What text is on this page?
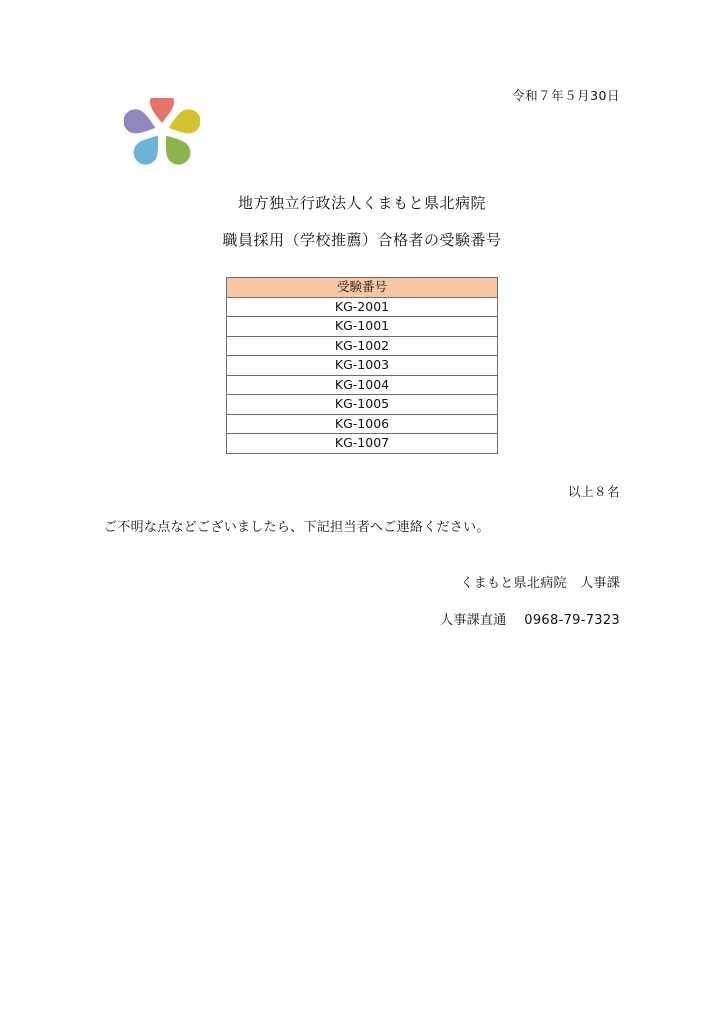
令和７年５月30日
地方独立行政法人くまもと県北病院
職員採用（学校推薦）合格者の受験番号
受験番号
KG-2001
KG-1001
KG-1002
KG-1003
KG-1004
KG-1005
KG-1006
KG-1007
以上８名
ご不明な点などございましたら、下記担当者へご連絡ください。
くまもと県北病院　人事課
人事課直通　 0968-79-7323
